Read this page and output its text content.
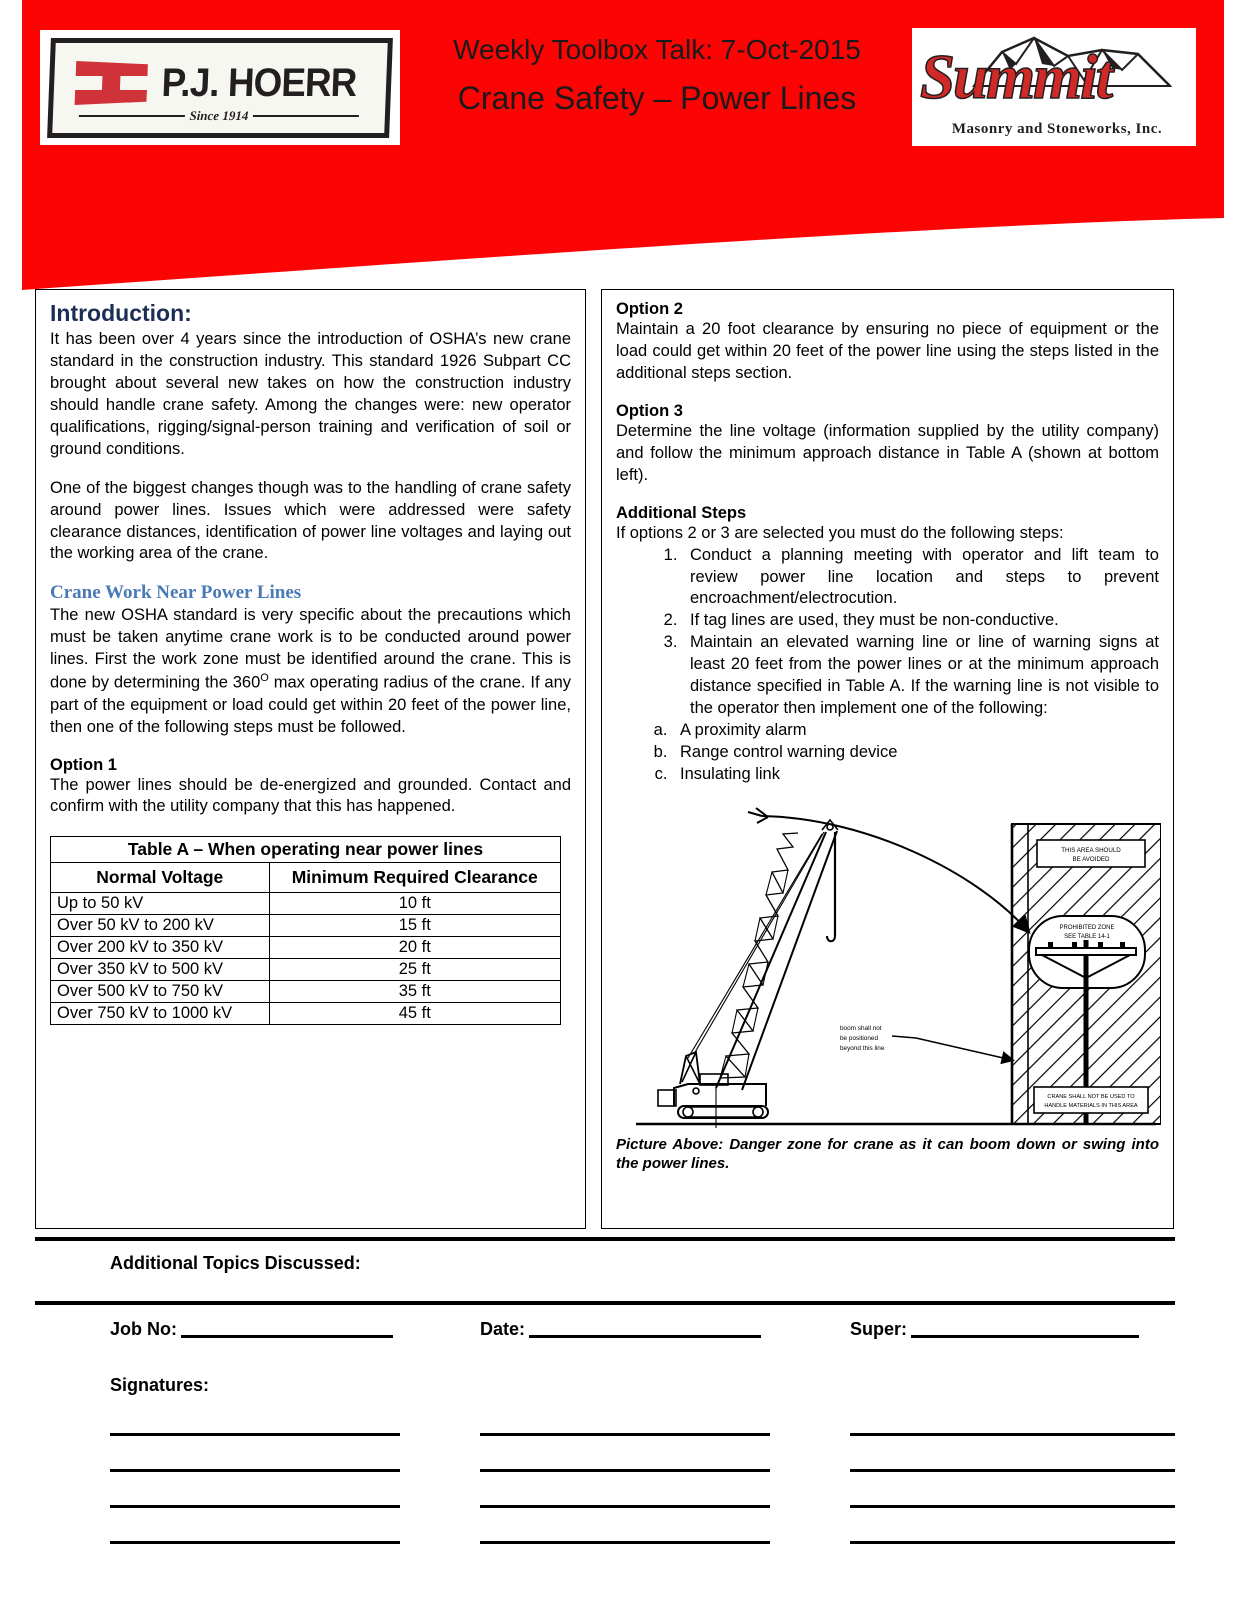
P.J. HOERR
Since 1914
Weekly Toolbox Talk: 7-Oct-2015
Crane Safety – Power Lines	Summit
Masonry and Stoneworks, Inc.
Introduction:

It has been over 4 years since the introduction of OSHA’s new crane standard in the construction industry. This standard 1926 Subpart CC brought about several new takes on how the construction industry should handle crane safety. Among the changes were: new operator qualifications, rigging/signal-person training and verification of soil or ground conditions.

One of the biggest changes though was to the handling of crane safety around power lines. Issues which were addressed were safety clearance distances, identification of power line voltages and laying out the working area of the crane.

Crane Work Near Power Lines

The new OSHA standard is very specific about the precautions which must be taken anytime crane work is to be conducted around power lines. First the work zone must be identified around the crane. This is done by determining the $360^O$ max operating radius of the crane. If any part of the equipment or load could get within 20 feet of the power line, then one of the following steps must be followed.

Option 1

The power lines should be de-energized and grounded. Contact and confirm with the utility company that this has happened.

Table A – When operating near power lines	
Normal Voltage	Minimum Required Clearance
Up to 50 kV	10 ft
Over 50 kV to 200 kV	15 ft
Over 200 kV to 350 kV	20 ft
Over 350 kV to 500 kV	25 ft
Over 500 kV to 750 kV	35 ft
Over 750 kV to 1000 kV	45 ft
Option 2

Maintain a 20 foot clearance by ensuring no piece of equipment or the load could get within 20 feet of the power line using the steps listed in the additional steps section.

Option 3

Determine the line voltage (information supplied by the utility company) and follow the minimum approach distance in Table A (shown at bottom left).

Additional Steps

If options 2 or 3 are selected you must do the following steps:

1. Conduct a planning meeting with operator and lift team to review power line location and steps to prevent encroachment/electrocution.
2. If tag lines are used, they must be non-conductive.
3. Maintain an elevated warning line or line of warning signs at least 20 feet from the power lines or at the minimum approach distance specified in Table A. If the warning line is not visible to the operator then implement one of the following:
a. A proximity alarm
b. Range control warning device
c. Insulating link
THIS AREA SHOULD
BE AVOIDED
PROHIBITED ZONE
SEE TABLE 14-1
CRANE SHALL NOT BE USED TO
HANDLE MATERIALS IN THIS AREA
boom shall not
be positioned
beyond this line
Picture Above: Danger zone for crane as it can boom down or swing into the power lines.
Additional Topics Discussed:
Job No:	Date:	Super:
Signatures:
